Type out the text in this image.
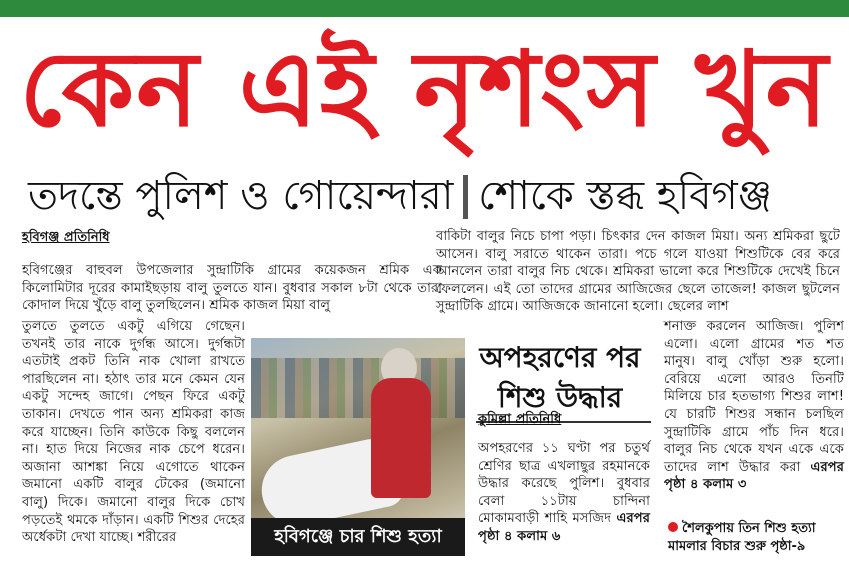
কেন এই নৃশংস খুন
তদন্তে পুলিশ ও গোয়েন্দারা শোকে স্তব্ধ হবিগঞ্জ
হবিগঞ্জ প্রতিনিধি
হবিগঞ্জের বাহুবল উপজেলার সুন্দ্রাটিকি গ্রামের কয়েকজন শ্রমিক এক কিলোমিটার দূরের কামাইছড়ায় বালু তুলতে যান। বুধবার সকাল ৮টা থেকে তারা কোদাল দিয়ে খুঁড়ে বালু তুলছিলেন। শ্রমিক কাজল মিয়া বালু
তুলতে তুলতে একটু এগিয়ে গেছেন। তখনই তার নাকে দুর্গন্ধ আসে। দুর্গন্ধটা এতটাই প্রকট তিনি নাক খোলা রাখতে পারছিলেন না। হঠাৎ তার মনে কেমন যেন একটু সন্দেহ জাগে। পেছন ফিরে একটু তাকান। দেখতে পান অন্য শ্রমিকরা কাজ করে যাচ্ছেন। তিনি কাউকে কিছু বললেন না। হাত দিয়ে নিজের নাক চেপে ধরেন। অজানা আশঙ্কা নিয়ে এগোতে থাকেন জমানো একটি বালুর টেকের (জমানো বালু) দিকে। জমানো বালুর দিকে চোখ পড়তেই থমকে দাঁড়ান। একটি শিশুর দেহের অর্ধেকটা দেখা যাচ্ছে। শরীরের
বাকিটা বালুর নিচে চাপা পড়া। চিৎকার দেন কাজল মিয়া। অন্য শ্রমিকরা ছুটে আসেন। বালু সরাতে থাকেন তারা। পচে গলে যাওয়া শিশুটিকে বের করে আনলেন তারা বালুর নিচ থেকে। শ্রমিকরা ভালো করে শিশুটিকে দেখেই চিনে ফেললেন। এই তো তাদের গ্রামের আজিজের ছেলে তাজেল! কাজল ছুটলেন সুন্দ্রাটিকি গ্রামে। আজিজকে জানানো হলো। ছেলের লাশ
শনাক্ত করলেন আজিজ। পুলিশ এলো। এলো গ্রামের শত শত মানুষ। বালু খোঁড়া শুরু হলো। বেরিয়ে এলো আরও তিনটি মিলিয়ে চার হতভাগ্য শিশুর লাশ! যে চারটি শিশুর সন্ধান চলছিল সুন্দ্রাটিকি গ্রামে পাঁচ দিন ধরে। বালুর নিচ থেকে যখন একে একে তাদের লাশ উদ্ধার করা এরপর পৃষ্ঠা ৪ কলাম ৩
হবিগঞ্জে চার শিশু হত্যা
অপহরণের পর
শিশু উদ্ধার
কুমিল্লা প্রতিনিধি
অপহরণের ১১ ঘণ্টা পর চতুর্থ শ্রেণির ছাত্র এখলাছুর রহমানকে উদ্ধার করেছে পুলিশ। বুধবার বেলা ১১টায় চান্দিনা মোকামবাড়ী শাহি মসজিদ এরপর পৃষ্ঠা ৪ কলাম ৬
শৈলকুপায় তিন শিশু হত্যা
মামলার বিচার শুরু পৃষ্ঠা-৯
